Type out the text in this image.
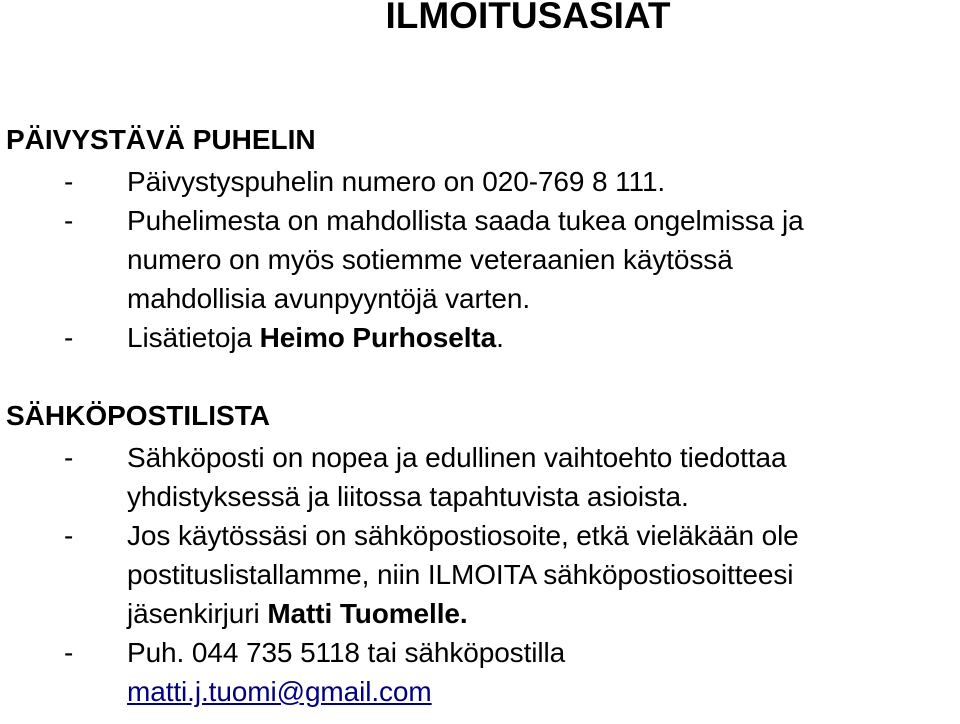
ILMOITUSASIAT
PÄIVYSTÄVÄ PUHELIN
- Päivystyspuhelin numero on 020-769 8 111.
- Puhelimesta on mahdollista saada tukea ongelmissa ja
numero on myös sotiemme veteraanien käytössä
mahdollisia avunpyyntöjä varten.
- Lisätietoja Heimo Purhoselta.
SÄHKÖPOSTILISTA
- Sähköposti on nopea ja edullinen vaihtoehto tiedottaa
yhdistyksessä ja liitossa tapahtuvista asioista.
- Jos käytössäsi on sähköpostiosoite, etkä vieläkään ole
postituslistallamme, niin ILMOITA sähköpostiosoitteesi
jäsenkirjuri Matti Tuomelle.
- Puh. 044 735 5118 tai sähköpostilla
matti.j.tuomi@gmail.com
